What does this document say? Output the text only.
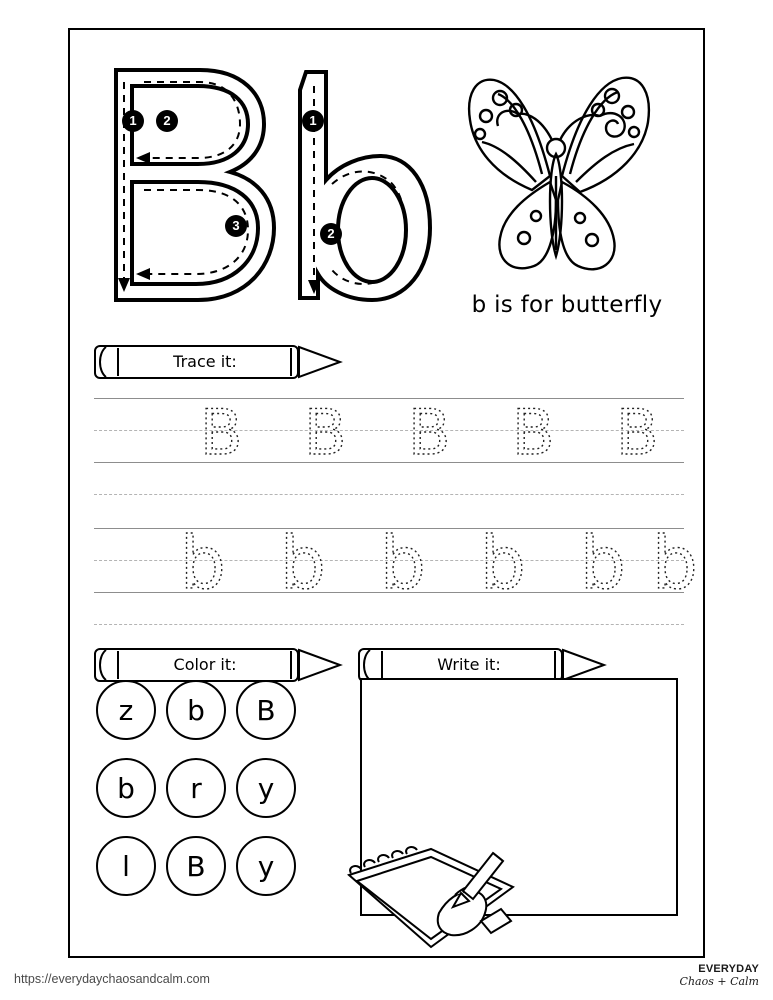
1	2
3
1
2
b is for butterfly
Trace it:
B B B B B
b b b b b b
Color it:	Write it:
z	b	B
b	r	y
l	B	y
https://everydaychaosandcalm.com
EVERYDAY
Chaos + Calm
